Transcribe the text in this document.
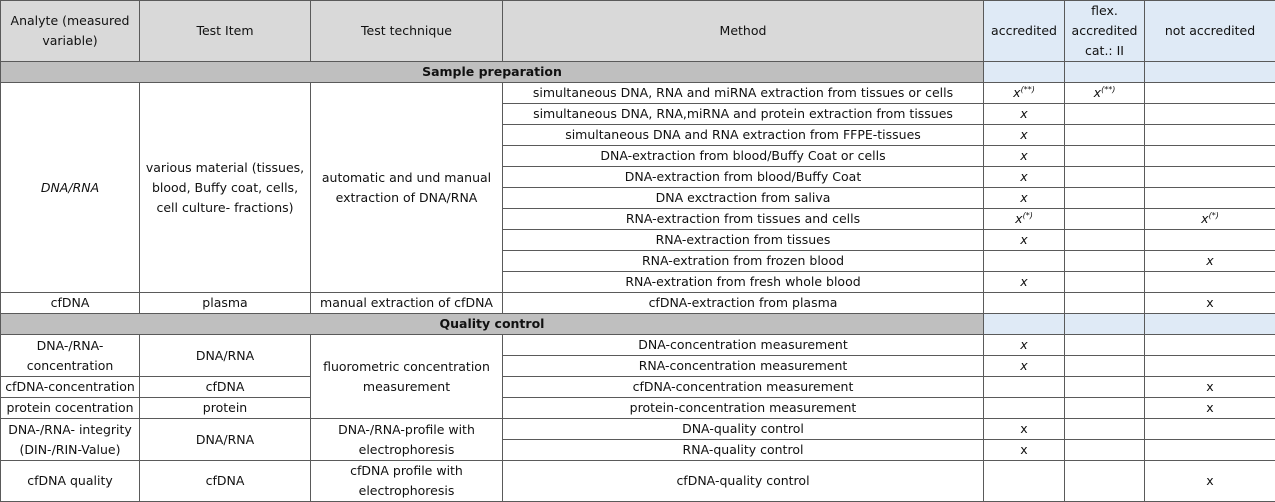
Analyte (measured variable)	Test Item	Test technique	Method	accredited	flex. accredited cat.: II	not accredited
Sample preparation						
DNA/RNA	various material (tissues, blood, Buffy coat, cells, cell culture- fractions)	automatic and und manual extraction of DNA/RNA	simultaneous DNA, RNA and miRNA extraction from tissues or cells	x(**)	x(**)	
			simultaneous DNA, RNA,miRNA and protein extraction from tissues	x		
			simultaneous DNA and RNA extraction from FFPE-tissues	x		
			DNA-extraction from blood/Buffy Coat or cells	x		
			DNA-extraction from blood/Buffy Coat	x		
			DNA exctraction from saliva	x		
			RNA-extraction from tissues and cells	x(*)		x(*)
			RNA-extraction from tissues	x		
			RNA-extration from frozen blood			x
			RNA-extration from fresh whole blood	x		
cfDNA	plasma	manual extraction of cfDNA	cfDNA-extraction from plasma			x
Quality control						
DNA-/RNA-concentration	DNA/RNA	fluorometric concentration measurement	DNA-concentration measurement	x		
			RNA-concentration measurement	x		
cfDNA-concentration	cfDNA		cfDNA-concentration measurement			x
protein cocentration	protein		protein-concentration measurement			x
DNA-/RNA- integrity (DIN-/RIN-Value)	DNA/RNA	DNA-/RNA-profile with electrophoresis	DNA-quality control	x		
			RNA-quality control	x		
cfDNA quality	cfDNA	cfDNA profile with electrophoresis	cfDNA-quality control			x
